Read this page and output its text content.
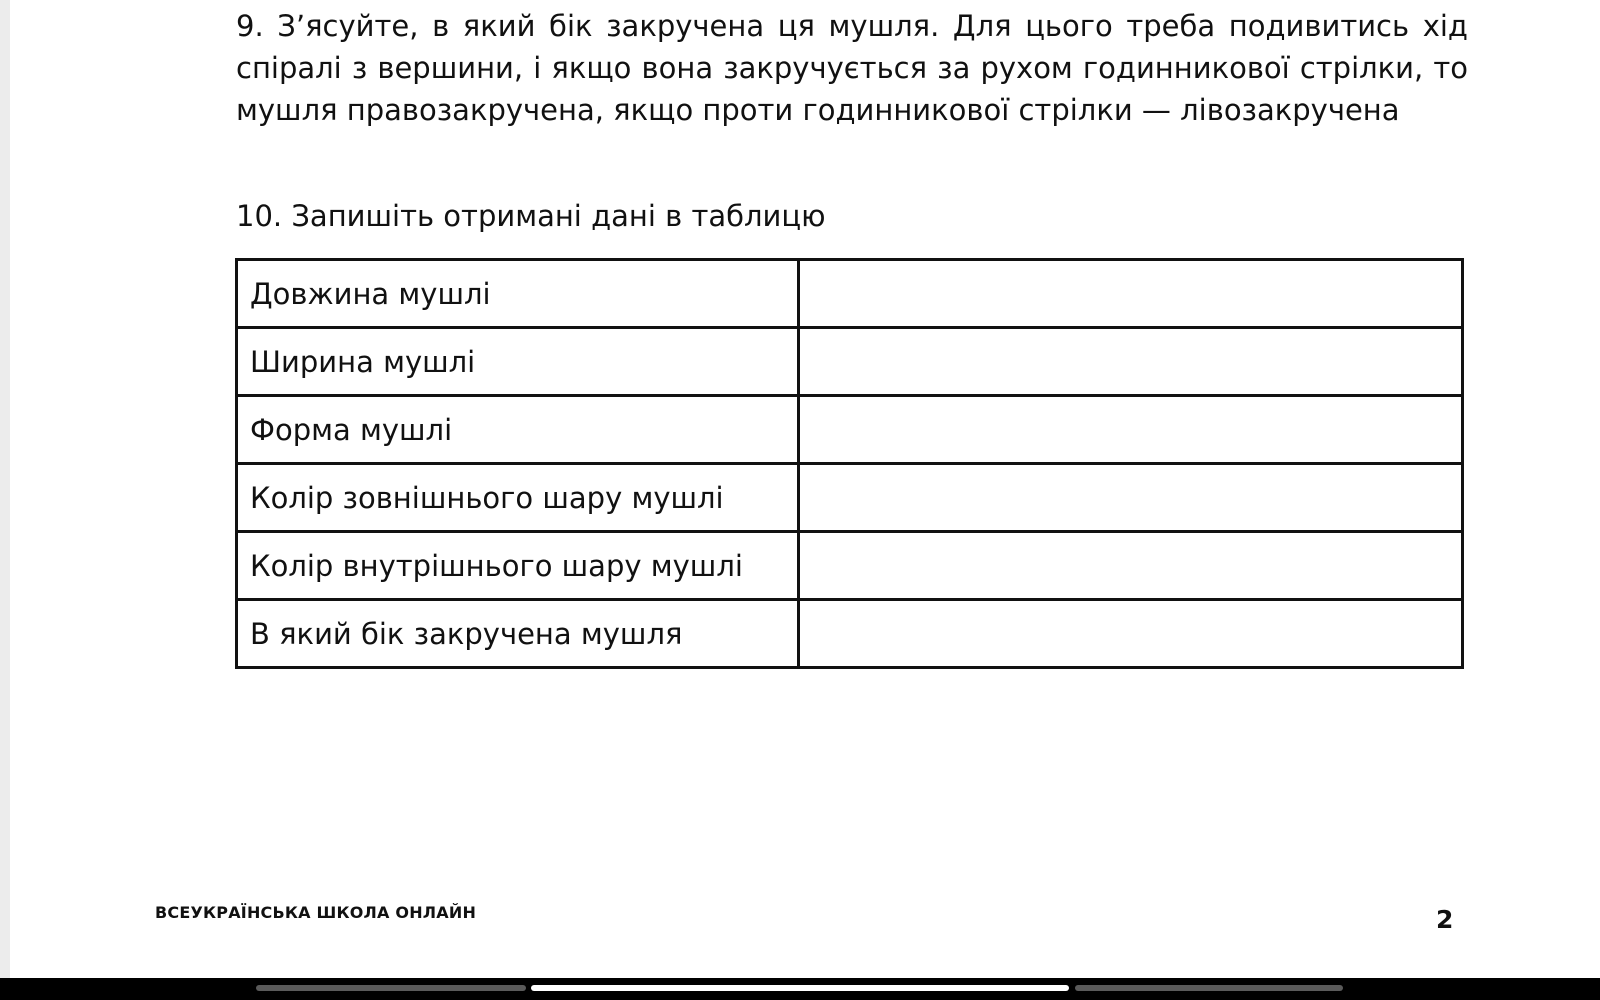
9. З’ясуйте, в який бік закручена ця мушля. Для цього треба подивитись хід спіралі з вершини, і якщо вона закручується за рухом годинникової стрілки, то мушля правозакручена, якщо проти годинникової стрілки — лівозакручена

10. Запишіть отримані дані в таблицю

Довжина мушлі	
Ширина мушлі	
Форма мушлі	
Колір зовнішнього шару мушлі	
Колір внутрішнього шару мушлі	
В який бік закручена мушля	
ВСЕУКРАЇНСЬКА ШКОЛА ОНЛАЙН	2
